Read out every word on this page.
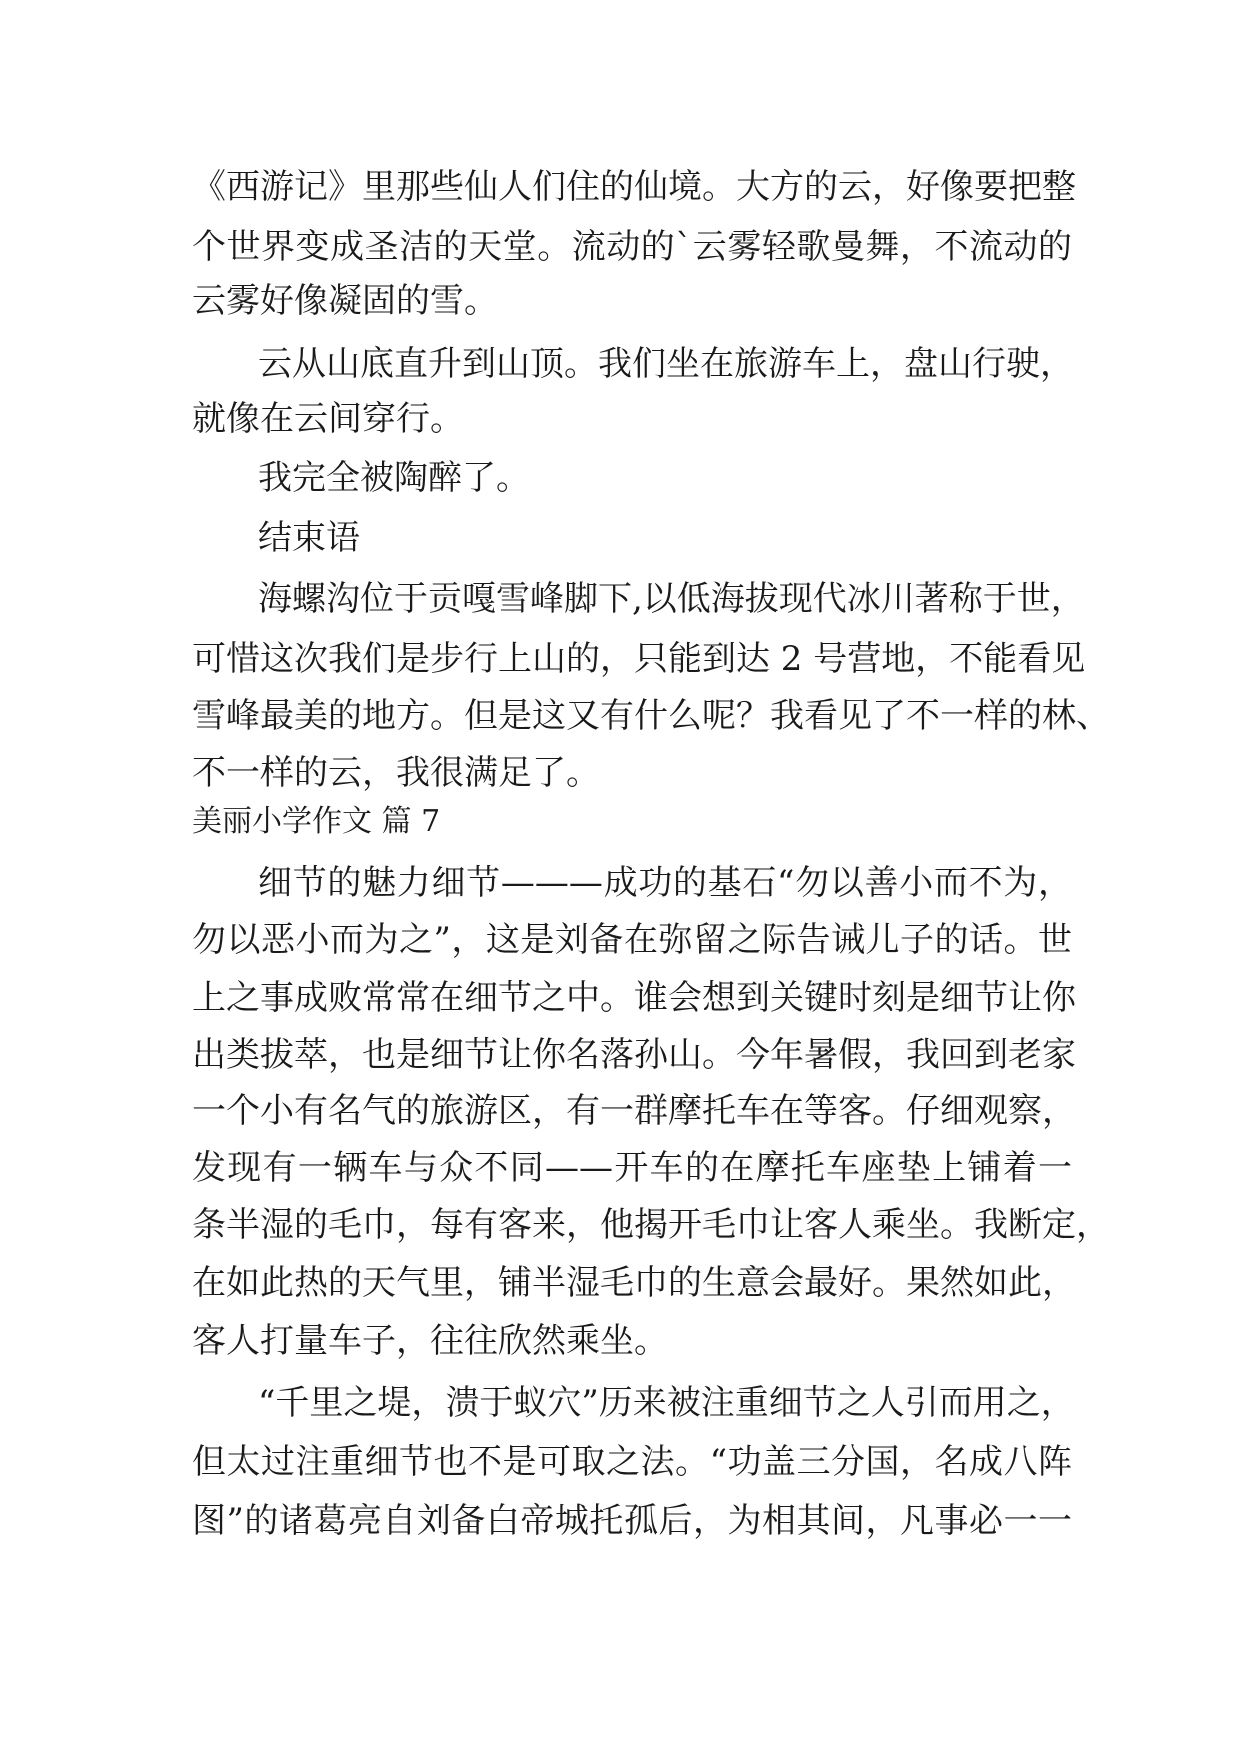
《西游记》里那些仙人们住的仙境。大方的云，好像要把整
个世界变成圣洁的天堂。流动的`云雾轻歌曼舞，不流动的
云雾好像凝固的雪。
云从山底直升到山顶。我们坐在旅游车上，盘山行驶，
就像在云间穿行。
我完全被陶醉了。
结束语
海螺沟位于贡嘎雪峰脚下,以低海拔现代冰川著称于世，
可惜这次我们是步行上山的，只能到达 2 号营地，不能看见
雪峰最美的地方。但是这又有什么呢？我看见了不一样的林、
不一样的云，我很满足了。
美丽小学作文 篇 7
细节的魅力细节———成功的基石“勿以善小而不为，
勿以恶小而为之”，这是刘备在弥留之际告诫儿子的话。世
上之事成败常常在细节之中。谁会想到关键时刻是细节让你
出类拔萃，也是细节让你名落孙山。今年暑假，我回到老家
一个小有名气的旅游区，有一群摩托车在等客。仔细观察，
发现有一辆车与众不同——开车的在摩托车座垫上铺着一
条半湿的毛巾，每有客来，他揭开毛巾让客人乘坐。我断定，
在如此热的天气里，铺半湿毛巾的生意会最好。果然如此，
客人打量车子，往往欣然乘坐。
“千里之堤，溃于蚁穴”历来被注重细节之人引而用之，
但太过注重细节也不是可取之法。“功盖三分国，名成八阵
图”的诸葛亮自刘备白帝城托孤后，为相其间，凡事必一一
